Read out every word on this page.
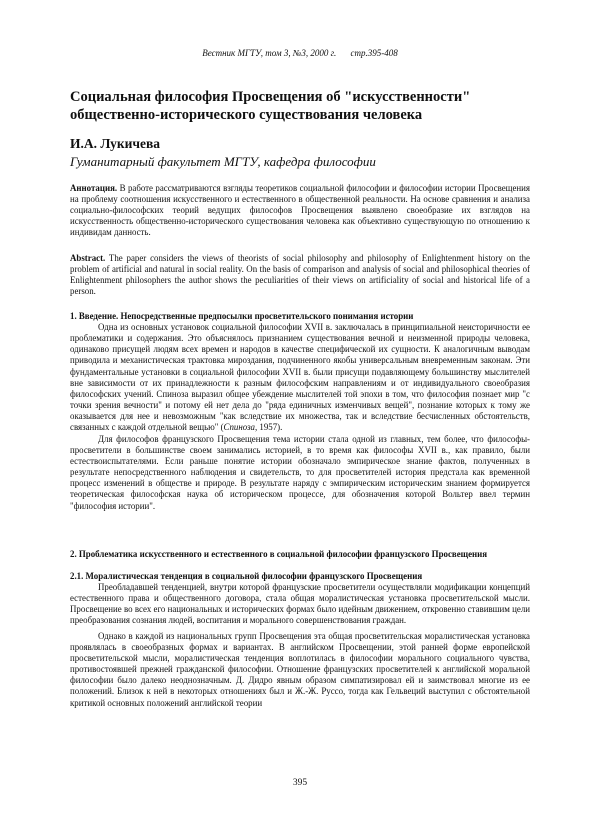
Вестник МГТУ, том 3, №3, 2000 г. стр.395-408
Социальная философия Просвещения об "искусственности" общественно-исторического существования человека
И.А. Лукичева
Гуманитарный факультет МГТУ, кафедра философии
Аннотация. В работе рассматриваются взгляды теоретиков социальной философии и философии истории Просвещения на проблему соотношения искусственного и естественного в общественной реальности. На основе сравнения и анализа социально-философских теорий ведущих философов Просвещения выявлено своеобразие их взглядов на искусственность общественно-исторического существования человека как объективно существующую по отношению к индивидам данность.
Abstract. The paper considers the views of theorists of social philosophy and philosophy of Enlightenment history on the problem of artificial and natural in social reality. On the basis of comparison and analysis of social and philosophical theories of Enlightenment philosophers the author shows the peculiarities of their views on artificiality of social and historical life of a person.
1. Введение. Непосредственные предпосылки просветительского понимания истории

Одна из основных установок социальной философии XVII в. заключалась в принципиальной неисторичности ее проблематики и содержания. Это объяснялось признанием существования вечной и неизменной природы человека, одинаково присущей людям всех времен и народов в качестве специфической их сущности. К аналогичным выводам приводила и механистическая трактовка мироздания, подчиненного якобы универсальным вневременным законам. Эти фундаментальные установки в социальной философии XVII в. были присущи подавляющему большинству мыслителей вне зависимости от их принадлежности к разным философским направлениям и от индивидуального своеобразия философских учений. Спиноза выразил общее убеждение мыслителей той эпохи в том, что философия познает мир "с точки зрения вечности" и потому ей нет дела до "ряда единичных изменчивых вещей", познание которых к тому же оказывается для нее и невозможным "как вследствие их множества, так и вследствие бесчисленных обстоятельств, связанных с каждой отдельной вещью" (Спиноза, 1957).

Для философов французского Просвещения тема истории стала одной из главных, тем более, что философы-просветители в большинстве своем занимались историей, в то время как философы XVII в., как правило, были естествоиспытателями. Если раньше понятие истории обозначало эмпирическое знание фактов, полученных в результате непосредственного наблюдения и свидетельств, то для просветителей история предстала как временной процесс изменений в обществе и природе. В результате наряду с эмпирическим историческим знанием формируется теоретическая философская наука об историческом процессе, для обозначения которой Вольтер ввел термин "философия истории".

2. Проблематика искусственного и естественного в социальной философии французского Просвещения
2.1. Моралистическая тенденция в социальной философии французского Просвещения

Преобладавшей тенденцией, внутри которой французские просветители осуществляли модификации концепций естественного права и общественного договора, стала общая моралистическая установка просветительской мысли. Просвещение во всех его национальных и исторических формах было идейным движением, откровенно ставившим цели преобразования сознания людей, воспитания и морального совершенствования граждан.

Однако в каждой из национальных групп Просвещения эта общая просветительская моралистическая установка проявлялась в своеобразных формах и вариантах. В английском Просвещении, этой ранней форме европейской просветительской мысли, моралистическая тенденция воплотилась в философии морального социального чувства, противостоявшей прежней гражданской философии. Отношение французских просветителей к английской моральной философии было далеко неоднозначным. Д. Дидро явным образом симпатизировал ей и заимствовал многие из ее положений. Близок к ней в некоторых отношениях был и Ж.-Ж. Руссо, тогда как Гельвеций выступил с обстоятельной критикой основных положений английской теории

395
